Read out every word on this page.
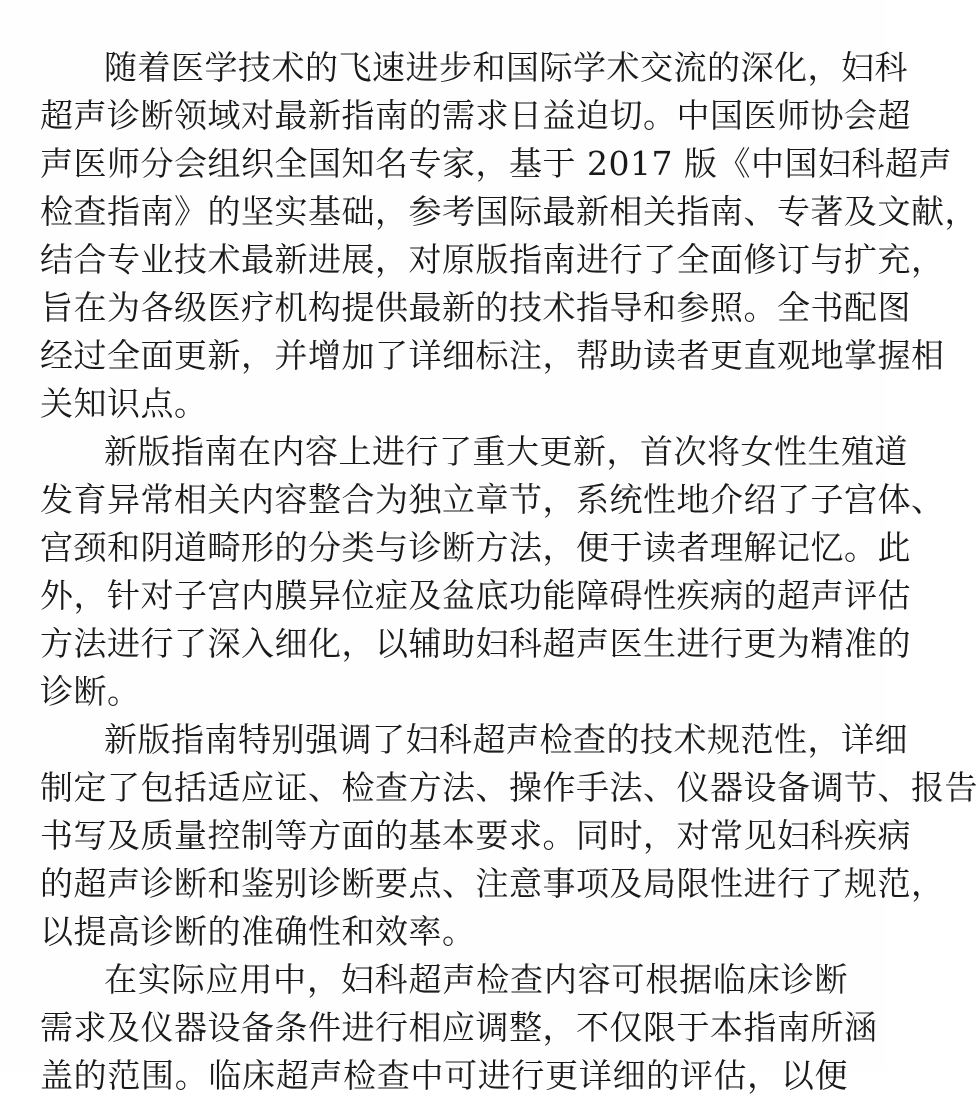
随着医学技术的飞速进步和国际学术交流的深化，妇科
超声诊断领域对最新指南的需求日益迫切。中国医师协会超
声医师分会组织全国知名专家，基于 2017 版《中国妇科超声
检查指南》的坚实基础，参考国际最新相关指南、专著及文献，
结合专业技术最新进展，对原版指南进行了全面修订与扩充，
旨在为各级医疗机构提供最新的技术指导和参照。全书配图
经过全面更新，并增加了详细标注，帮助读者更直观地掌握相
关知识点。
新版指南在内容上进行了重大更新，首次将女性生殖道
发育异常相关内容整合为独立章节，系统性地介绍了子宫体、
宫颈和阴道畸形的分类与诊断方法，便于读者理解记忆。此
外，针对子宫内膜异位症及盆底功能障碍性疾病的超声评估
方法进行了深入细化，以辅助妇科超声医生进行更为精准的
诊断。
新版指南特别强调了妇科超声检查的技术规范性，详细
制定了包括适应证、检查方法、操作手法、仪器设备调节、报告
书写及质量控制等方面的基本要求。同时，对常见妇科疾病
的超声诊断和鉴别诊断要点、注意事项及局限性进行了规范，
以提高诊断的准确性和效率。
在实际应用中，妇科超声检查内容可根据临床诊断
需求及仪器设备条件进行相应调整，不仅限于本指南所涵
盖的范围。临床超声检查中可进行更详细的评估，以便
